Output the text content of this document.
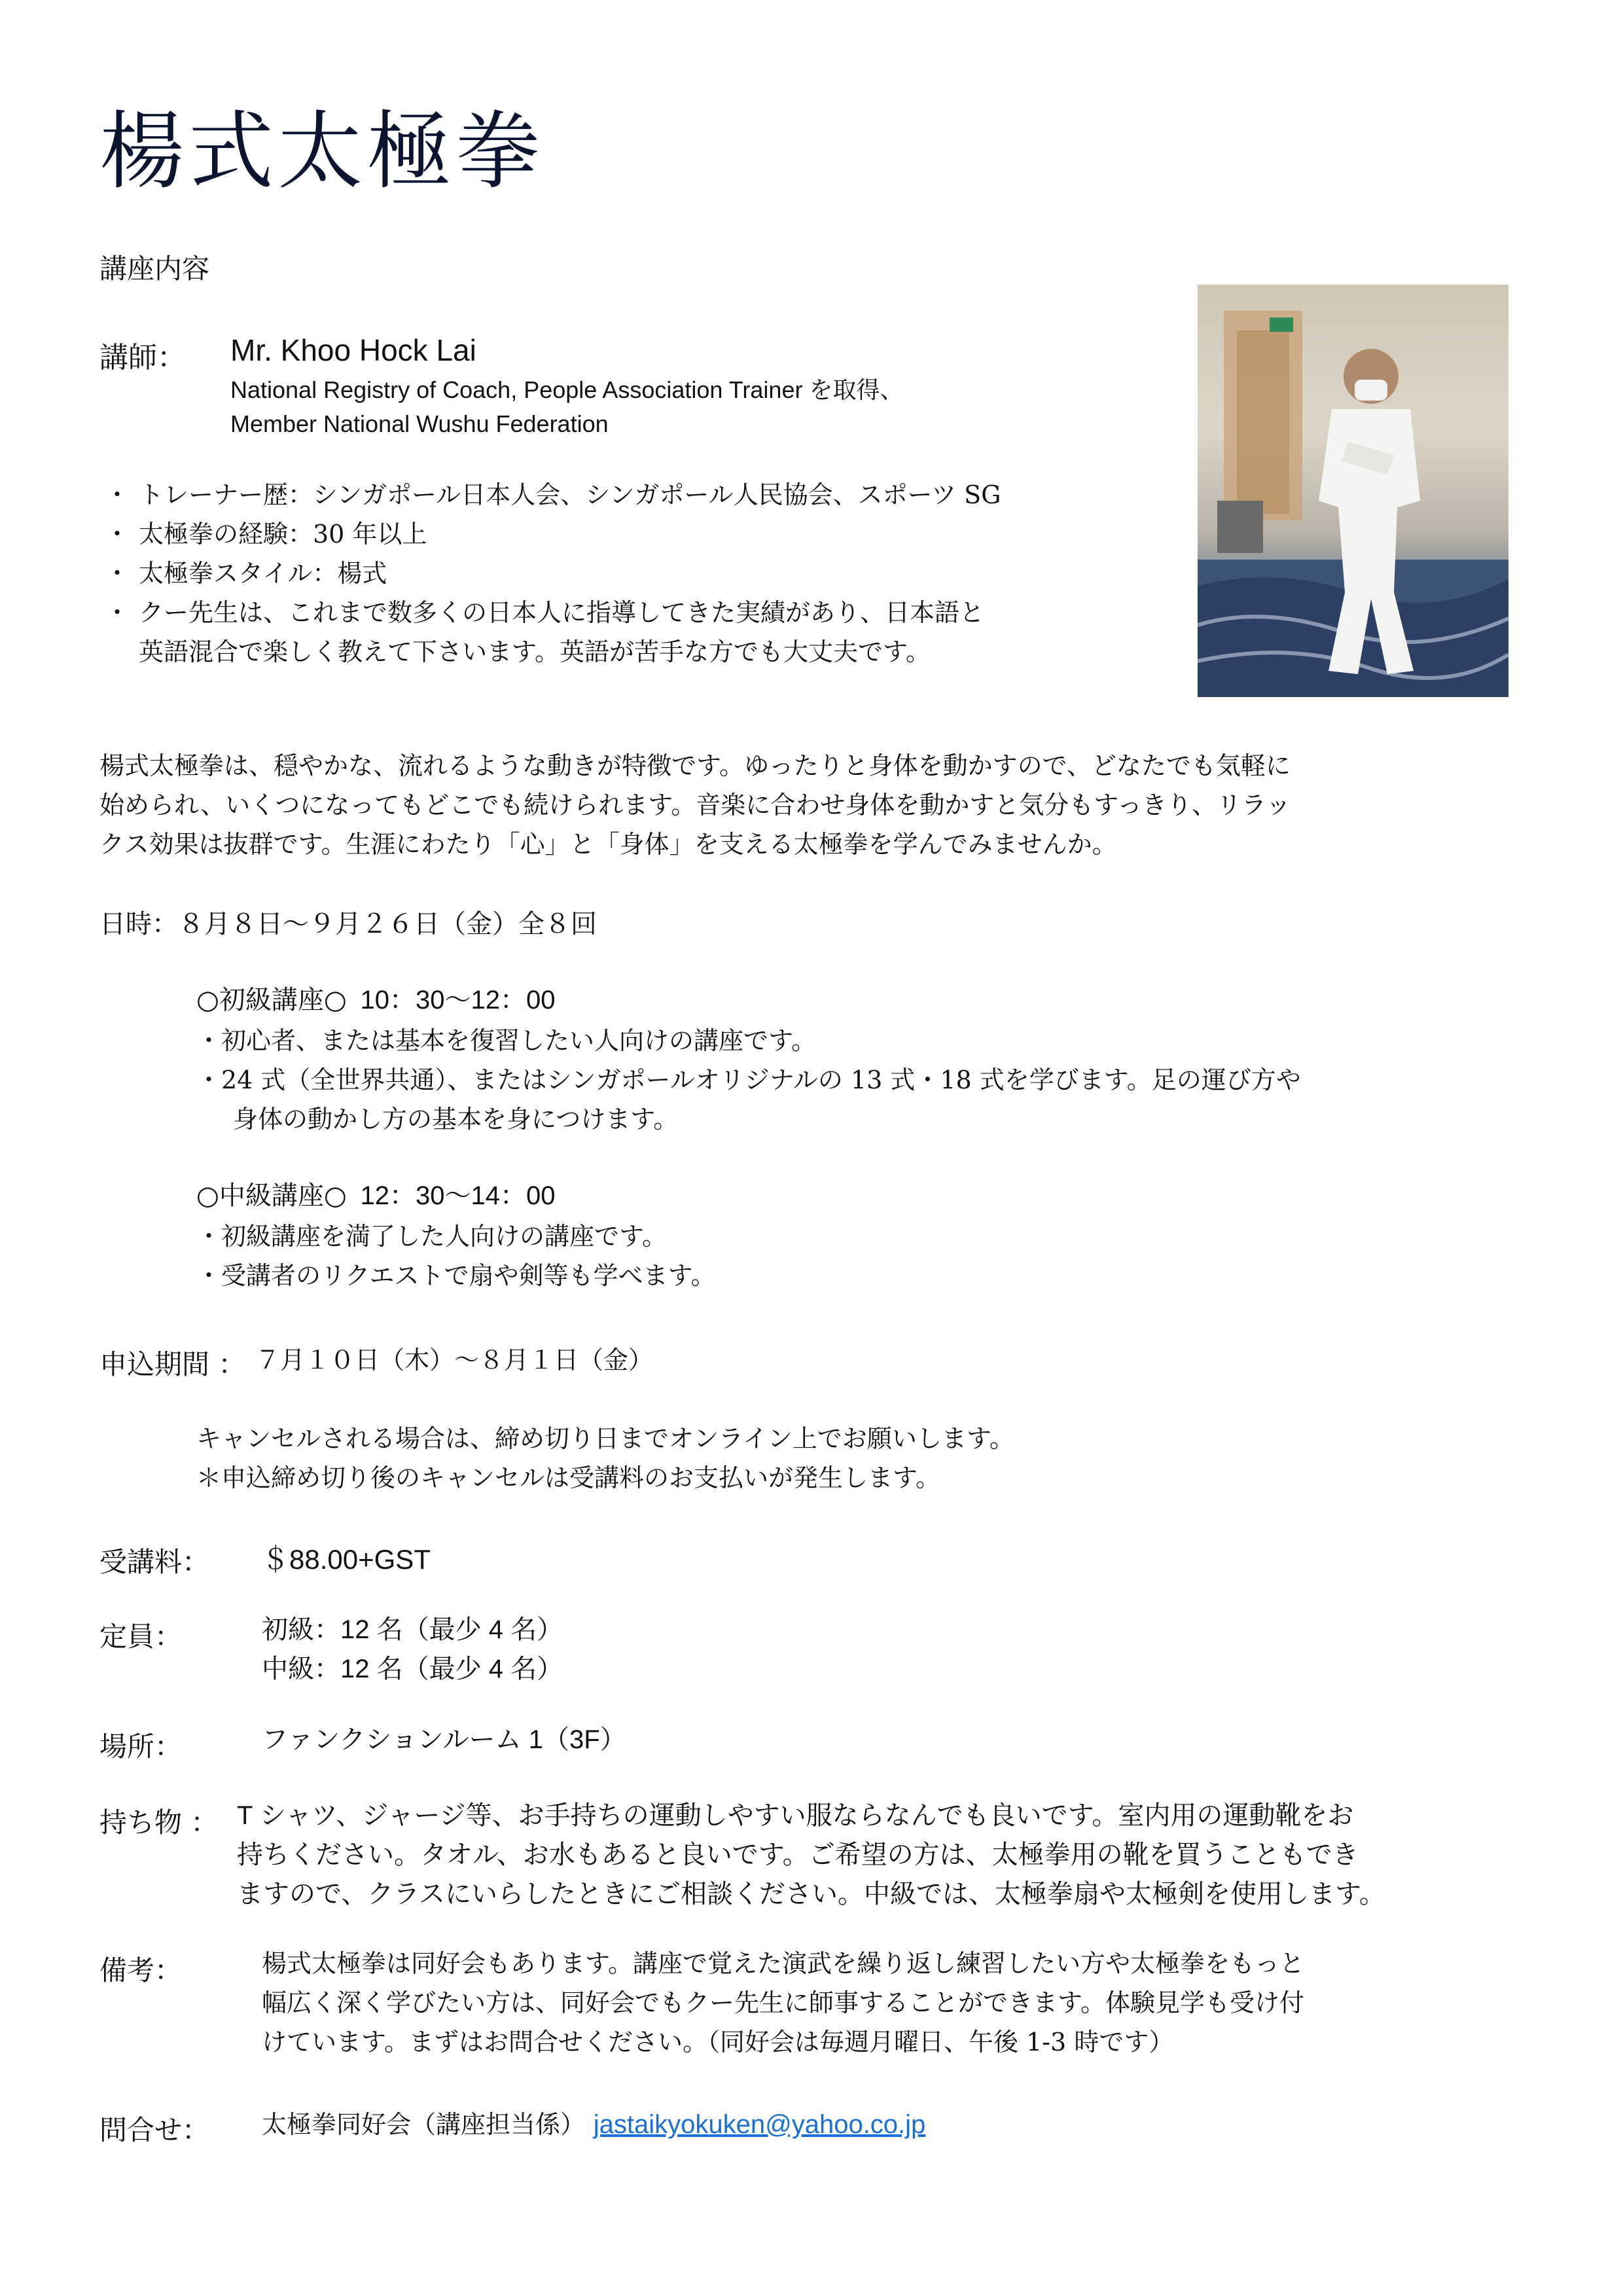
楊式太極拳
講座内容
講師： Mr. Khoo Hock Lai
National Registry of Coach, People Association Trainer を取得、
Member National Wushu Federation
・ トレーナー歴：シンガポール日本人会、シンガポール人民協会、スポーツ SG
・ 太極拳の経験：30 年以上
・ 太極拳スタイル：楊式
・ クー先生は、これまで数多くの日本人に指導してきた実績があり、日本語と
英語混合で楽しく教えて下さいます。英語が苦手な方でも大丈夫です。
楊式太極拳は、穏やかな、流れるような動きが特徴です。ゆったりと身体を動かすので、どなたでも気軽に
始められ、いくつになってもどこでも続けられます。音楽に合わせ身体を動かすと気分もすっきり、リラッ
クス効果は抜群です。生涯にわたり「心」と「身体」を支える太極拳を学んでみませんか。
日時：８月８日〜９月２６日（金）全８回
○初級講座○ 10：30〜12：00
・初心者、または基本を復習したい人向けの講座です。
・24 式（全世界共通）、またはシンガポールオリジナルの 13 式・18 式を学びます。足の運び方や
身体の動かし方の基本を身につけます。
○中級講座○ 12：30〜14：00
・初級講座を満了した人向けの講座です。
・受講者のリクエストで扇や剣等も学べます。
申込期間 ： ７月１０日（木）〜８月１日（金）
キャンセルされる場合は、締め切り日までオンライン上でお願いします。
＊申込締め切り後のキャンセルは受講料のお支払いが発生します。
受講料： ＄88.00+GST
定員：	初級：12 名（最少 4 名）
中級：12 名（最少 4 名）
場所：	ファンクションルーム 1（3F）
持ち物 ： T シャツ、ジャージ等、お手持ちの運動しやすい服ならなんでも良いです。室内用の運動靴をお
持ちください。タオル、お水もあると良いです。ご希望の方は、太極拳用の靴を買うこともでき
ますので、クラスにいらしたときにご相談ください。中級では、太極拳扇や太極剣を使用します。
備考：	楊式太極拳は同好会もあります。講座で覚えた演武を繰り返し練習したい方や太極拳をもっと
幅広く深く学びたい方は、同好会でもクー先生に師事することができます。体験見学も受け付
けています。まずはお問合せください。（同好会は毎週月曜日、午後 1-3 時です）
問合せ： 太極拳同好会（講座担当係） jastaikyokuken@yahoo.co.jp
